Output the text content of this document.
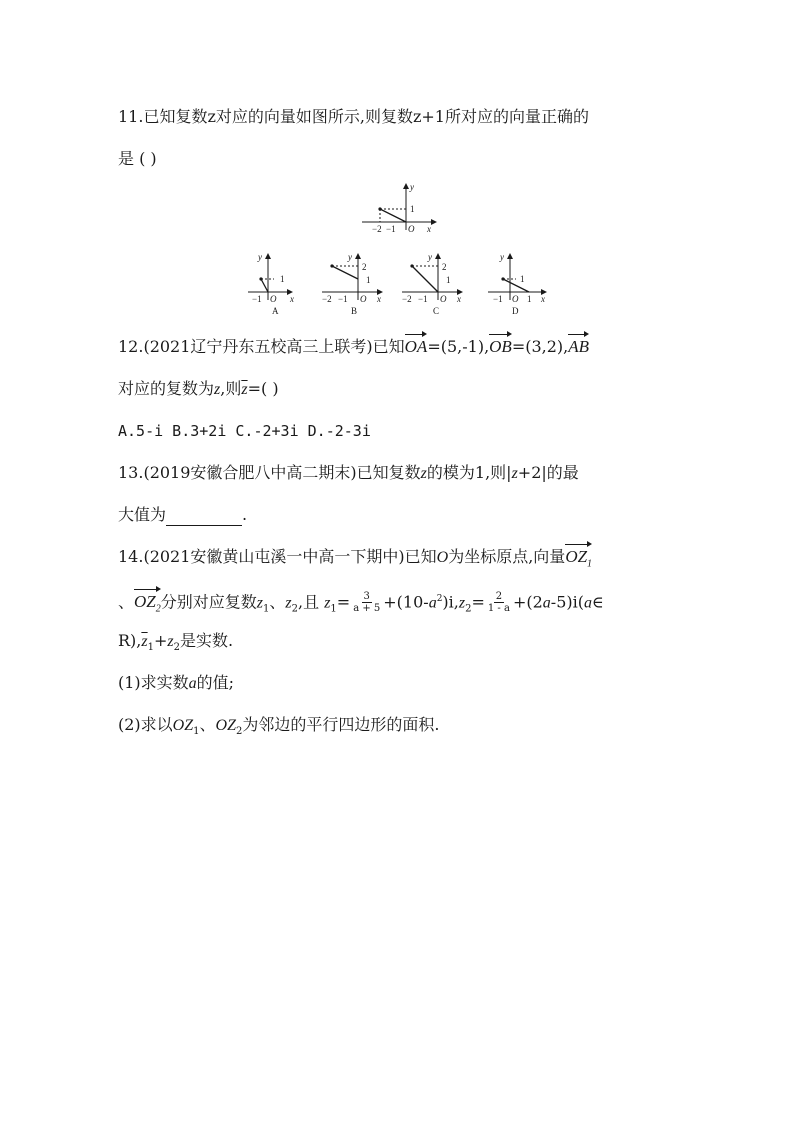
11.已知复数z对应的向量如图所示,则复数z+1所对应的向量正确的
是 ( )
y
x
O
−2 −1
1
y
x
O
−1
1
A
y
x
O
−2 −1
2
1
B
y
x
O
−2 −1
2
1
C
y
x
O
−1	1
1
D
12.(2021辽宁丹东五校高三上联考)已知OA=(5,-1),OB=(3,2),AB
对应的复数为z,则$\overline{z}=$( )
A.5-i B.3+2i C.-2+3i D.-2-3i
13.(2019安徽合肥八中高二期末)已知复数z的模为1,则|z+2|的最
大值为	.
14.(2021安徽黄山屯溪一中高一下期中)已知O为坐标原点,向量$OZ_1$
、$OZ_2$分别对应复数$z_1$、$z_2$,且 $z_1= \frac{3}{a + 5} +(10-a^2)i,z_2= \frac{2}{1 - a}$ +(2a-5)i(a∈
$R),\overline{z}_1+z_2$是实数.
(1)求实数a的值;
(2)求以$OZ_1$、$OZ_2$为邻边的平行四边形的面积.
